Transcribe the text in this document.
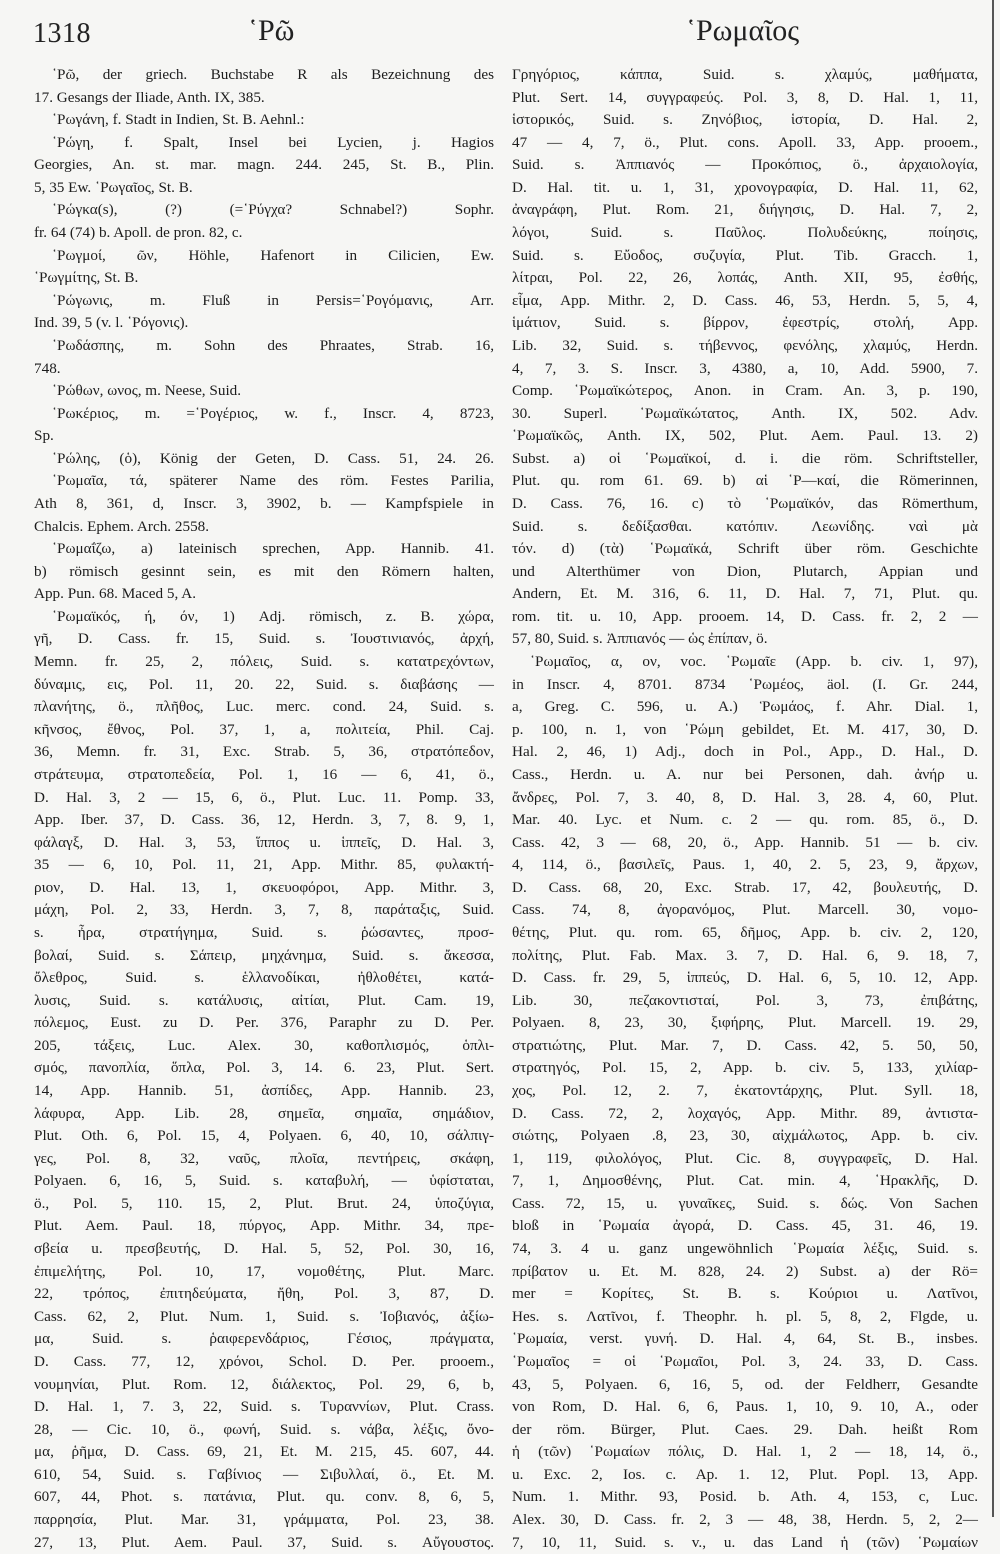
1318	῾Ρῶ	῾Ρωμαῖος
῾Ρῶ, der griech. Buchstabe R als Bezeichnung des
17. Gesangs der Iliade, Anth. IX, 385.
῾Ρωγάνη, f. Stadt in Indien, St. B. Aehnl.:
῾Ρώγη, f. Spalt, Insel bei Lycien, j. Hagios
Georgies, An. st. mar. magn. 244. 245, St. B., Plin.
5, 35 Ew. ῾Ρωγαῖος, St. B.
῾Ρώγκα(s), (?) (=῾Ρύγχα? Schnabel?) Sophr.
fr. 64 (74) b. Apoll. de pron. 82, c.
῾Ρωγμοί, ῶν, Höhle, Hafenort in Cilicien, Ew.
῾Ρωγμίτης, St. B.
῾Ρώγωνις, m. Fluß in Persis=῾Ρογόμανις, Arr.
Ind. 39, 5 (v. l. ῾Ρόγονις).
῾Ρωδάσπης, m. Sohn des Phraates, Strab. 16,
748.
῾Ρώθων, ωνος, m. Neese, Suid.
῾Ρωκέριος, m. =῾Ρογέριος, w. f., Inscr. 4, 8723,
Sp.
῾Ρώλης, (ὁ), König der Geten, D. Cass. 51, 24. 26.
῾Ρωμαῖα, τά, späterer Name des röm. Festes Parilia,
Ath 8, 361, d, Inscr. 3, 3902, b. — Kampfspiele in
Chalcis. Ephem. Arch. 2558.
῾Ρωμαΐζω, a) lateinisch sprechen, App. Hannib. 41.
b) römisch gesinnt sein, es mit den Römern halten,
App. Pun. 68. Maced 5, A.
῾Ρωμαϊκός, ή, όν, 1) Adj. römisch, z. B. χώρα,
γῆ, D. Cass. fr. 15, Suid. s. Ἰουστινιανός, ἀρχή,
Memn. fr. 25, 2, πόλεις, Suid. s. κατατρεχόντων,
δύναμις, εις, Pol. 11, 20. 22, Suid. s. διαβάσης —
πλανήτης, ö., πλῆθος, Luc. merc. cond. 24, Suid. s.
κῆνσος, ἔθνος, Pol. 37, 1, a, πολιτεία, Phil. Caj.
36, Memn. fr. 31, Exc. Strab. 5, 36, στρατόπεδον,
στράτευμα, στρατοπεδεία, Pol. 1, 16 — 6, 41, ö.,
D. Hal. 3, 2 — 15, 6, ö., Plut. Luc. 11. Pomp. 33,
App. Iber. 37, D. Cass. 36, 12, Herdn. 3, 7, 8. 9, 1,
φάλαγξ, D. Hal. 3, 53, ἵππος u. ἱππεῖς, D. Hal. 3,
35 — 6, 10, Pol. 11, 21, App. Mithr. 85, φυλακτή-
ριον, D. Hal. 13, 1, σκευοφόροι, App. Mithr. 3,
μάχη, Pol. 2, 33, Herdn. 3, 7, 8, παράταξις, Suid.
s. ἦρα, στρατήγημα, Suid. s. ῥώσαντες, προσ-
βολαί, Suid. s. Σάπειρ, μηχάνημα, Suid. s. ἄκεσσα,
ὄλεθρος, Suid. s. ἑλλανοδίκαι, ἠθλοθέτει, κατά-
λυσις, Suid. s. κατάλυσις, αἰτίαι, Plut. Cam. 19,
πόλεμος, Eust. zu D. Per. 376, Paraphr zu D. Per.
205, τάξεις, Luc. Alex. 30, καθοπλισμός, ὁπλι-
σμός, πανοπλία, ὅπλα, Pol. 3, 14. 6. 23, Plut. Sert.
14, App. Hannib. 51, ἀσπίδες, App. Hannib. 23,
λάφυρα, App. Lib. 28, σημεῖα, σημαῖα, σημάδιον,
Plut. Oth. 6, Pol. 15, 4, Polyaen. 6, 40, 10, σάλπιγ-
γες, Pol. 8, 32, ναῦς, πλοῖα, πεντήρεις, σκάφη,
Polyaen. 6, 16, 5, Suid. s. καταβυλή, — ὑφίσταται,
ö., Pol. 5, 110. 15, 2, Plut. Brut. 24, ὑποζύγια,
Plut. Aem. Paul. 18, πύργος, App. Mithr. 34, πρε-
σβεία u. πρεσβευτής, D. Hal. 5, 52, Pol. 30, 16,
ἐπιμελήτης, Pol. 10, 17, νομοθέτης, Plut. Marc.
22, τρόπος, ἐπιτηδεύματα, ἤθη, Pol. 3, 87, D.
Cass. 62, 2, Plut. Num. 1, Suid. s. Ἰοβιανός, ἀξίω-
μα, Suid. s. ῥαιφερενδάριος, Γέσιος, πράγματα,
D. Cass. 77, 12, χρόνοι, Schol. D. Per. prooem.,
νουμηνίαι, Plut. Rom. 12, διάλεκτος, Pol. 29, 6, b,
D. Hal. 1, 7. 3, 22, Suid. s. Τυραννίων, Plut. Crass.
28, — Cic. 10, ö., φωνή, Suid. s. νάβα, λέξις, ὄνο-
μα, ῥῆμα, D. Cass. 69, 21, Et. M. 215, 45. 607, 44.
610, 54, Suid. s. Γαβίνιος — Σιβυλλαί, ö., Et. M.
607, 44, Phot. s. πατάνια, Plut. qu. conv. 8, 6, 5,
παρρησία, Plut. Mar. 31, γράμματα, Pol. 23, 38.
27, 13, Plut. Aem. Paul. 37, Suid. s. Αὔγουστος.
Γρηγόριος, κάππα, Suid. s. χλαμύς, μαθήματα,
Plut. Sert. 14, συγγραφεύς. Pol. 3, 8, D. Hal. 1, 11,
ἱστορικός, Suid. s. Ζηνόβιος, ἱστορία, D. Hal. 2,
47 — 4, 7, ö., Plut. cons. Apoll. 33, App. prooem.,
Suid. s. Ἀππιανός — Προκόπιος, ö., ἀρχαιολογία,
D. Hal. tit. u. 1, 31, χρονογραφία, D. Hal. 11, 62,
ἀναγράφη, Plut. Rom. 21, διήγησις, D. Hal. 7, 2,
λόγοι, Suid. s. Παῦλος. Πολυδεύκης, ποίησις,
Suid. s. Εὔοδος, συζυγία, Plut. Tib. Gracch. 1,
λίτραι, Pol. 22, 26, λοπάς, Anth. XII, 95, ἐσθής,
εἷμα, App. Mithr. 2, D. Cass. 46, 53, Herdn. 5, 5, 4,
ἱμάτιον, Suid. s. βίρρον, ἐφεστρίς, στολή, App.
Lib. 32, Suid. s. τήβεννος, φενόλης, χλαμύς, Herdn.
4, 7, 3. S. Inscr. 3, 4380, a, 10, Add. 5900, 7.
Comp. ῾Ρωμαϊκώτερος, Anon. in Cram. An. 3, p. 190,
30. Superl. ῾Ρωμαϊκώτατος, Anth. IX, 502. Adv.
῾Ρωμαϊκῶς, Anth. IX, 502, Plut. Aem. Paul. 13. 2)
Subst. a) οἱ ῾Ρωμαϊκοί, d. i. die röm. Schriftsteller,
Plut. qu. rom 61. 69. b) αἱ ῾Ρ—καί, die Römerinnen,
D. Cass. 76, 16. c) τὸ ῾Ρωμαϊκόν, das Römerthum,
Suid. s. δεδίξασθαι. κατόπιν. Λεωνίδης. ναὶ μὰ
τόν. d) (τὰ) ῾Ρωμαϊκά, Schrift über röm. Geschichte
und Alterthümer von Dion, Plutarch, Appian und
Andern, Et. M. 316, 6. 11, D. Hal. 7, 71, Plut. qu.
rom. tit. u. 10, App. prooem. 14, D. Cass. fr. 2, 2 —
57, 80, Suid. s. Ἀππιανός — ὡς ἐπίπαν, ö.
῾Ρωμαῖος, α, ον, voc. ῾Ρωμαῖε (App. b. civ. 1, 97),
in Inscr. 4, 8701. 8734 ῾Ρωμέος, äol. (I. Gr. 244,
a, Greg. C. 596, u. A.) Ῥωμάος, f. Ahr. Dial. 1,
p. 100, n. 1, von ῾Ρώμη gebildet, Et. M. 417, 30, D.
Hal. 2, 46, 1) Adj., doch in Pol., App., D. Hal., D.
Cass., Herdn. u. A. nur bei Personen, dah. ἀνήρ u.
ἄνδρες, Pol. 7, 3. 40, 8, D. Hal. 3, 28. 4, 60, Plut.
Mar. 40. Lyc. et Num. c. 2 — qu. rom. 85, ö., D.
Cass. 42, 3 — 68, 20, ö., App. Hannib. 51 — b. civ.
4, 114, ö., βασιλεῖς, Paus. 1, 40, 2. 5, 23, 9, ἄρχων,
D. Cass. 68, 20, Exc. Strab. 17, 42, βουλευτής, D.
Cass. 74, 8, ἀγορανόμος, Plut. Marcell. 30, νομο-
θέτης, Plut. qu. rom. 65, δῆμος, App. b. civ. 2, 120,
πολίτης, Plut. Fab. Max. 3. 7, D. Hal. 6, 9. 18, 7,
D. Cass. fr. 29, 5, ἱππεύς, D. Hal. 6, 5, 10. 12, App.
Lib. 30, πεζακοντισταί, Pol. 3, 73, ἐπιβάτης,
Polyaen. 8, 23, 30, ξιφήρης, Plut. Marcell. 19. 29,
στρατιώτης, Plut. Mar. 7, D. Cass. 42, 5. 50, 50,
στρατηγός, Pol. 15, 2, App. b. civ. 5, 133, χιλίαρ-
χος, Pol. 12, 2. 7, ἑκατοντάρχης, Plut. Syll. 18,
D. Cass. 72, 2, λοχαγός, App. Mithr. 89, ἀντιστα-
σιώτης, Polyaen .8, 23, 30, αἰχμάλωτος, App. b. civ.
1, 119, φιλολόγος, Plut. Cic. 8, συγγραφεῖς, D. Hal.
7, 1, Δημοσθένης, Plut. Cat. min. 4, ῾Ηρακλῆς, D.
Cass. 72, 15, u. γυναῖκες, Suid. s. δώς. Von Sachen
bloß in ῾Ρωμαία ἀγορά, D. Cass. 45, 31. 46, 19.
74, 3. 4 u. ganz ungewöhnlich ῾Ρωμαία λέξις, Suid. s.
πρίβατον u. Et. M. 828, 24. 2) Subst. a) der Rö=
mer = Κορίτες, St. B. s. Κούριοι u. Λατῖνοι,
Hes. s. Λατῖνοι, f. Theophr. h. pl. 5, 8, 2, Flgde, u.
῾Ρωμαία, verst. γυνή. D. Hal. 4, 64, St. B., insbes.
῾Ρωμαῖος = οἱ ῾Ρωμαῖοι, Pol. 3, 24. 33, D. Cass.
43, 5, Polyaen. 6, 16, 5, od. der Feldherr, Gesandte
von Rom, D. Hal. 6, 6, Paus. 1, 10, 9. 10, A., oder
der röm. Bürger, Plut. Caes. 29. Dah. heißt Rom
ἡ (τῶν) ῾Ρωμαίων πόλις, D. Hal. 1, 2 — 18, 14, ö.,
u. Exc. 2, Ios. c. Ap. 1. 12, Plut. Popl. 13, App.
Num. 1. Mithr. 93, Posid. b. Ath. 4, 153, c, Luc.
Alex. 30, D. Cass. fr. 2, 3 — 48, 38, Herdn. 5, 2, 2—
7, 10, 11, Suid. s. v., u. das Land ἡ (τῶν) ῾Ρωμαίων
